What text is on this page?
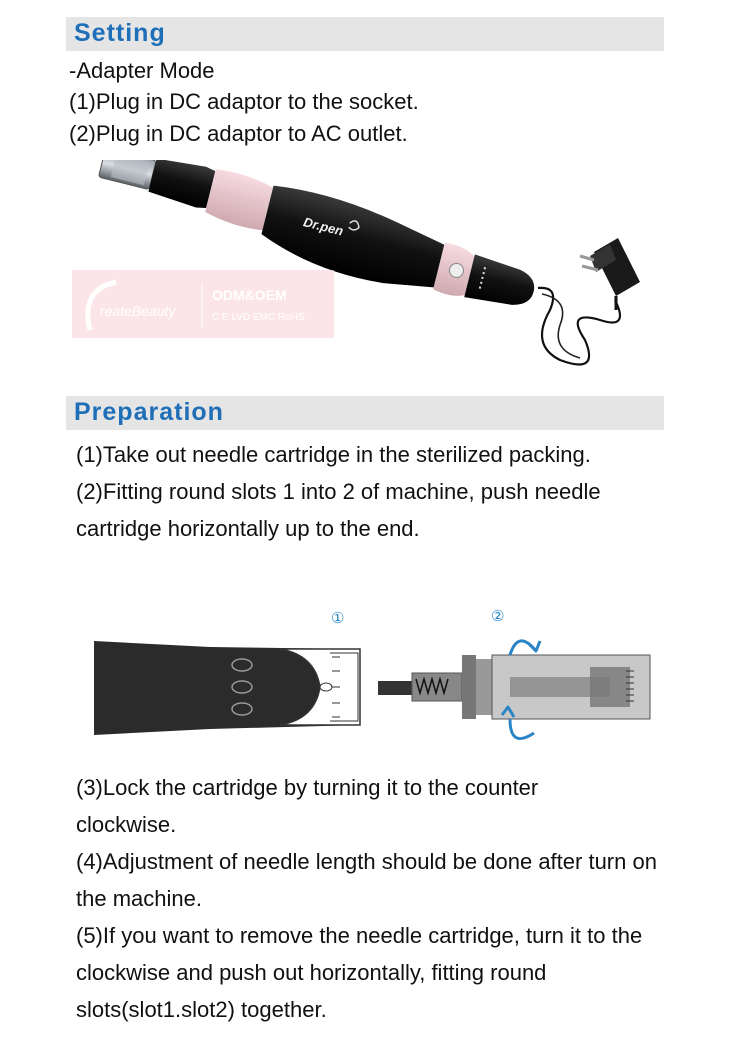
Setting
-Adapter Mode
(1)Plug in DC adaptor to the socket.
(2)Plug in DC adaptor to AC outlet.
Dr.pen
reateBeauty
ODM&OEM
C E LVD EMC RoHS
Preparation

(1)Take out needle cartridge in the sterilized packing.

(2)Fitting round slots 1 into 2 of machine, push needle cartridge horizontally up to the end.

①	②

(3)Lock the cartridge by turning it to the counter clockwise.

(4)Adjustment of needle length should be done after turn on the machine.

(5)If you want to remove the needle cartridge, turn it to the clockwise and push out horizontally, fitting round slots(slot1.slot2) together.
